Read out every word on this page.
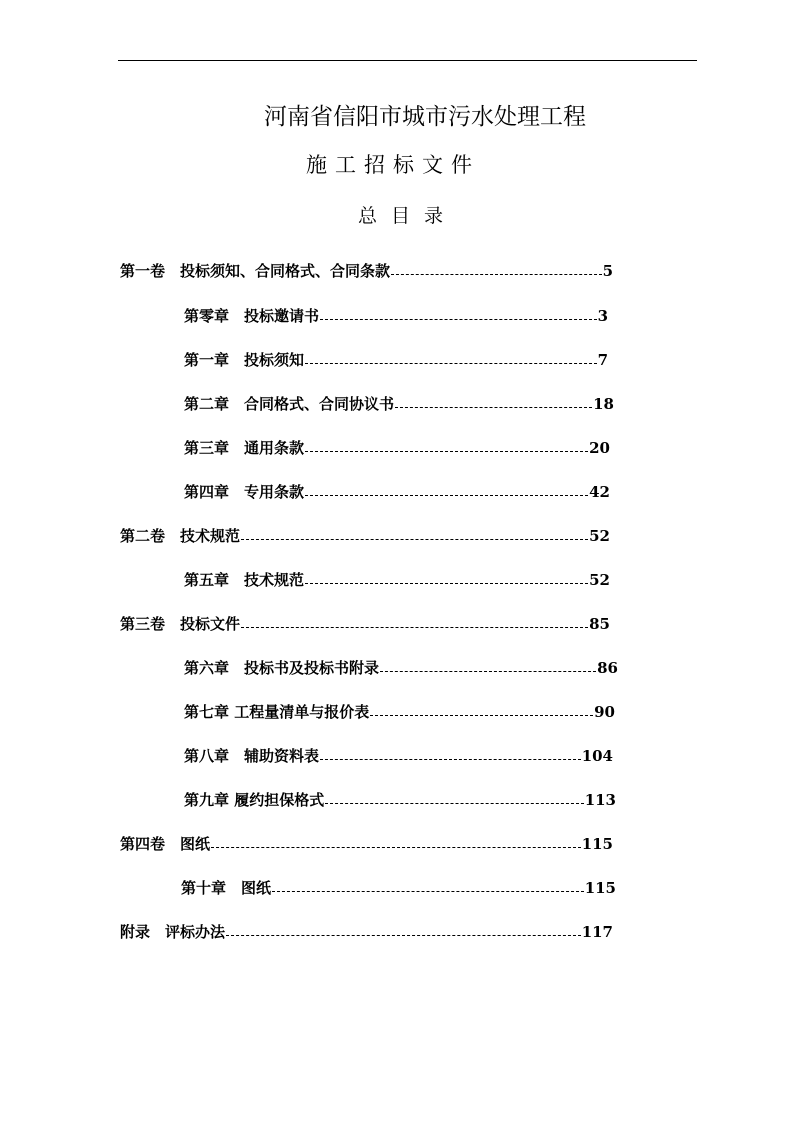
河南省信阳市城市污水处理工程
施工招标文件
总目录
第一卷　投标须知、合同格式、合同条款	5
第零章　投标邀请书	3
第一章　投标须知	7
第二章　合同格式、合同协议书	18
第三章　通用条款	20
第四章　专用条款	42
第二卷　技术规范	52
第五章　技术规范	52
第三卷　投标文件	85
第六章　投标书及投标书附录	86
第七章 工程量清单与报价表	90
第八章　辅助资料表	104
第九章 履约担保格式	113
第四卷　图纸	115
第十章　图纸	115
附录　评标办法	117
